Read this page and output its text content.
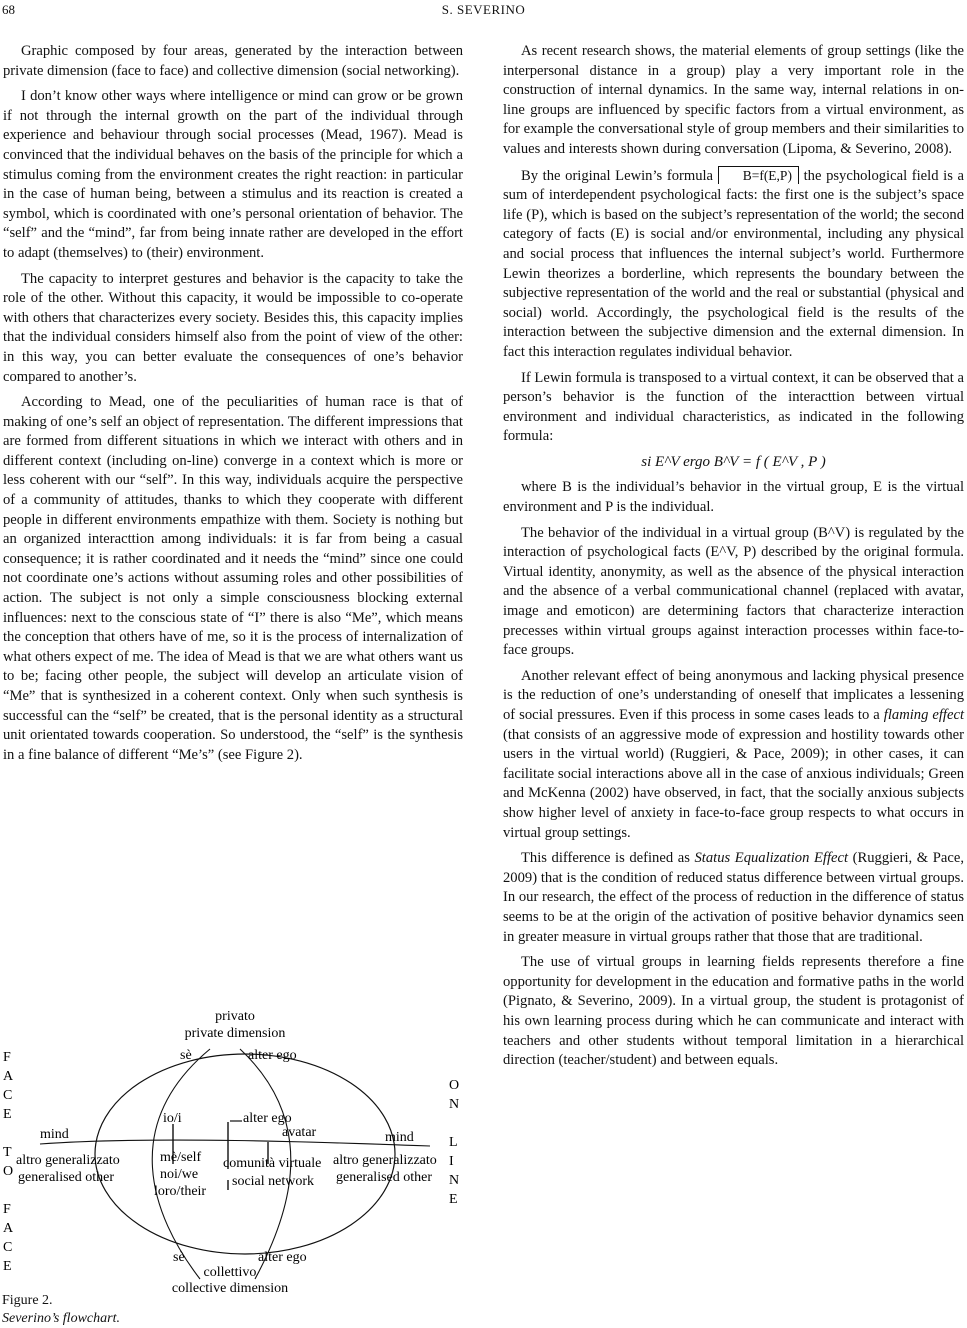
68	S. SEVERINO

Graphic composed by four areas, generated by the interaction between private dimension (face to face) and collective dimension (social networking).

I don’t know other ways where intelligence or mind can grow or be grown if not through the internal growth on the part of the individual through experience and behaviour through social processes (Mead, 1967). Mead is convinced that the individual behaves on the basis of the principle for which a stimulus coming from the environment creates the right reaction: in particular in the case of human being, between a stimulus and its reaction is created a symbol, which is coordinated with one’s personal orientation of behavior. The “self” and the “mind”, far from being innate rather are developed in the effort to adapt (themselves) to (their) environment.

The capacity to interpret gestures and behavior is the capacity to take the role of the other. Without this capacity, it would be impossible to co-operate with others that characterizes every society. Besides this, this capacity implies that the individual considers himself also from the point of view of the other: in this way, you can better evaluate the consequences of one’s behavior compared to another’s.

According to Mead, one of the peculiarities of human race is that of making of one’s self an object of representation. The different impressions that are formed from different situations in which we interact with others and in different context (including on-line) converge in a context which is more or less coherent with our “self”. In this way, individuals acquire the perspective of a community of attitudes, thanks to which they cooperate with different people in different environments empathize with them. Society is nothing but an organized interacttion among individuals: it is far from being a casual consequence; it is rather coordinated and it needs the “mind” since one could not coordinate one’s actions without assuming roles and other possibilities of action. The subject is not only a simple consciousness blocking external influences: next to the conscious state of “I” there is also “Me”, which means the conception that others have of me, so it is the process of internalization of what others expect of me. The idea of Mead is that we are what others want us to be; facing other people, the subject will develop an articulate vision of “Me” that is synthesized in a coherent context. Only when such synthesis is successful can the “self” be created, that is the personal identity as a structural unit orientated towards cooperation. So understood, the “self” is the synthesis in a fine balance of different “Me’s” (see Figure 2).

privato
private dimension
sè	alter ego
io/i	alter ego
avatar
mind	mind
mè/self
noi/we
loro/their
comunità virtuale
social network
altro generalizzato
generalised other
altro generalizzato
generalised other
sè	alter ego
collettivo
collective dimension
F
A
C
E
T
O
F
A
C
E
O
N
L
I
N
E
Figure 2.
Severino’s flowchart.

As recent research shows, the material elements of group settings (like the interpersonal distance in a group) play a very important role in the construction of internal dynamics. In the same way, internal relations in on-line groups are influenced by specific factors from a virtual environment, as for example the conversational style of group members and their similarities to values and interests shown during conversation (Lipoma, & Severino, 2008).

By the original Lewin’s formula B=f(E,P) the psychological field is a sum of interdependent psychological facts: the first one is the subject’s space life (P), which is based on the subject’s representation of the world; the second category of facts (E) is social and/or environmental, including any physical and social process that influences the internal subject’s world. Furthermore Lewin theorizes a borderline, which represents the boundary between the subjective representation of the world and the real or substantial (physical and social) world. Accordingly, the psychological field is the results of the interaction between the subjective dimension and the external dimension. In fact this interaction regulates individual behavior.

If Lewin formula is transposed to a virtual context, it can be observed that a person’s behavior is the function of the interacttion between virtual environment and individual characteristics, as indicated in the following formula:

si E^V ergo B^V = f ( E^V , P )

where B is the individual’s behavior in the virtual group, E is the virtual environment and P is the individual.

The behavior of the individual in a virtual group (B^V) is regulated by the interaction of psychological facts (E^V, P) described by the original formula. Virtual identity, anonymity, as well as the absence of the physical interaction and the absence of a verbal communicational channel (replaced with avatar, image and emoticon) are determining factors that characterize interaction precesses within virtual groups against interaction processes within face-to-face groups.

Another relevant effect of being anonymous and lacking physical presence is the reduction of one’s understanding of oneself that implicates a lessening of social pressures. Even if this process in some cases leads to a flaming effect (that consists of an aggressive mode of expression and hostility towards other users in the virtual world) (Ruggieri, & Pace, 2009); in other cases, it can facilitate social interactions above all in the case of anxious individuals; Green and McKenna (2002) have observed, in fact, that the socially anxious subjects show higher level of anxiety in face-to-face group respects to what occurs in virtual group settings.

This difference is defined as Status Equalization Effect (Ruggieri, & Pace, 2009) that is the condition of reduced status difference between virtual groups. In our research, the effect of the process of reduction in the difference of status seems to be at the origin of the activation of positive behavior dynamics seen in greater measure in virtual groups rather that those that are traditional.

The use of virtual groups in learning fields represents therefore a fine opportunity for development in the education and formative paths in the world (Pignato, & Severino, 2009). In a virtual group, the student is protagonist of his own learning process during which he can communicate and interact with teachers and other students without temporal limitation in a hierarchical direction (teacher/student) and between equals.
